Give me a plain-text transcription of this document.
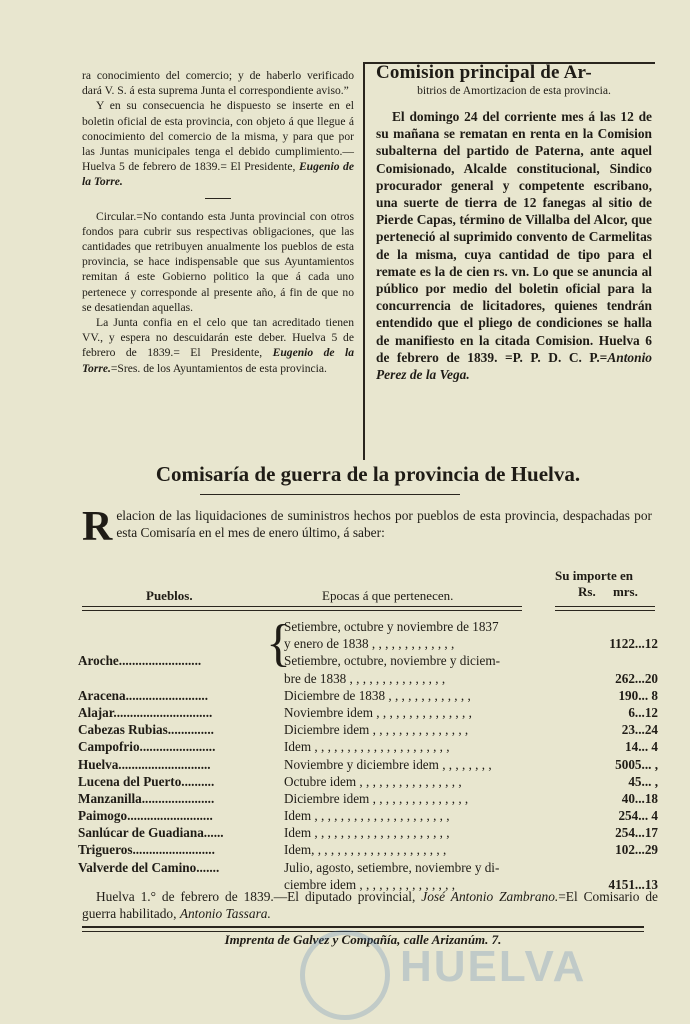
ra conocimiento del comercio; y de haberlo verificado dará V. S. á esta suprema Junta el correspondiente aviso.”

Y en su consecuencia he dispuesto se inserte en el boletin oficial de esta provincia, con objeto á que llegue á conocimiento del comercio de la misma, y para que por las Juntas municipales tenga el debido cumplimiento.—Huelva 5 de febrero de 1839.= El Presidente, Eugenio de la Torre.

Circular.=No contando esta Junta provincial con otros fondos para cubrir sus respectivas obligaciones, que las cantidades que retribuyen anualmente los pueblos de esta provincia, se hace indispensable que sus Ayuntamientos remitan á este Gobierno politico la que á cada uno pertenece y corresponde al presente año, á fin de que no se desatiendan aquellas.

La Junta confia en el celo que tan acreditado tienen VV., y espera no descuidarán este deber. Huelva 5 de febrero de 1839.= El Presidente, Eugenio de la Torre.=Sres. de los Ayuntamientos de esta provincia.

Comision principal de Ar-

bitrios de Amortizacion de esta provincia.

El domingo 24 del corriente mes á las 12 de su mañana se rematan en renta en la Comision subalterna del partido de Paterna, ante aquel Comisionado, Alcalde constitucional, Sindico procurador general y competente escribano, una suerte de tierra de 12 fanegas al sitio de Pierde Capas, término de Villalba del Alcor, que perteneció al suprimido convento de Carmelitas de la misma, cuya cantidad de tipo para el remate es la de cien rs. vn. Lo que se anuncia al público por medio del boletin oficial para la concurrencia de licitadores, quienes tendrán entendido que el pliego de condiciones se halla de manifiesto en la citada Comision. Huelva 6 de febrero de 1839. =P. P. D. C. P.=Antonio Perez de la Vega.

Comisaría de guerra de la provincia de Huelva.

Relacion de las liquidaciones de suministros hechos por pueblos de esta provincia, despachadas por esta Comisaría en el mes de enero último, á saber:

Pueblos.	Epocas á que pertenecen.
Su importe en
Rs. mrs.
{
Setiembre, octubre y noviembre de 1837
y enero de 1838 , , , , , , , , , , , , ,	1122...12
Aroche.........................	Setiembre, octubre, noviembre y diciem-
bre de 1838 , , , , , , , , , , , , , , ,	262...20
Aracena.........................	Diciembre de 1838 , , , , , , , , , , , , ,	190... 8
Alajar..............................	Noviembre idem , , , , , , , , , , , , , , ,	6...12
Cabezas Rubias..............	Diciembre idem , , , , , , , , , , , , , , ,	23...24
Campofrio.......................	Idem , , , , , , , , , , , , , , , , , , , , ,	14... 4
Huelva............................	Noviembre y diciembre idem , , , , , , , ,	5005... ,
Lucena del Puerto..........	Octubre idem , , , , , , , , , , , , , , , ,	45... ,
Manzanilla......................	Diciembre idem , , , , , , , , , , , , , , ,	40...18
Paimogo..........................	Idem , , , , , , , , , , , , , , , , , , , , ,	254... 4
Sanlúcar de Guadiana......	Idem , , , , , , , , , , , , , , , , , , , , ,	254...17
Trigueros.........................	Idem, , , , , , , , , , , , , , , , , , , , ,	102...29
Valverde del Camino.......	Julio, agosto, setiembre, noviembre y di-
ciembre idem , , , , , , , , , , , , , , ,	4151...13

Huelva 1.° de febrero de 1839.—El diputado provincial, José Antonio Zambrano.=El Comisario de guerra habilitado, Antonio Tassara.

Imprenta de Galvez y Compañía, calle Arizanúm. 7.
HUELVA
